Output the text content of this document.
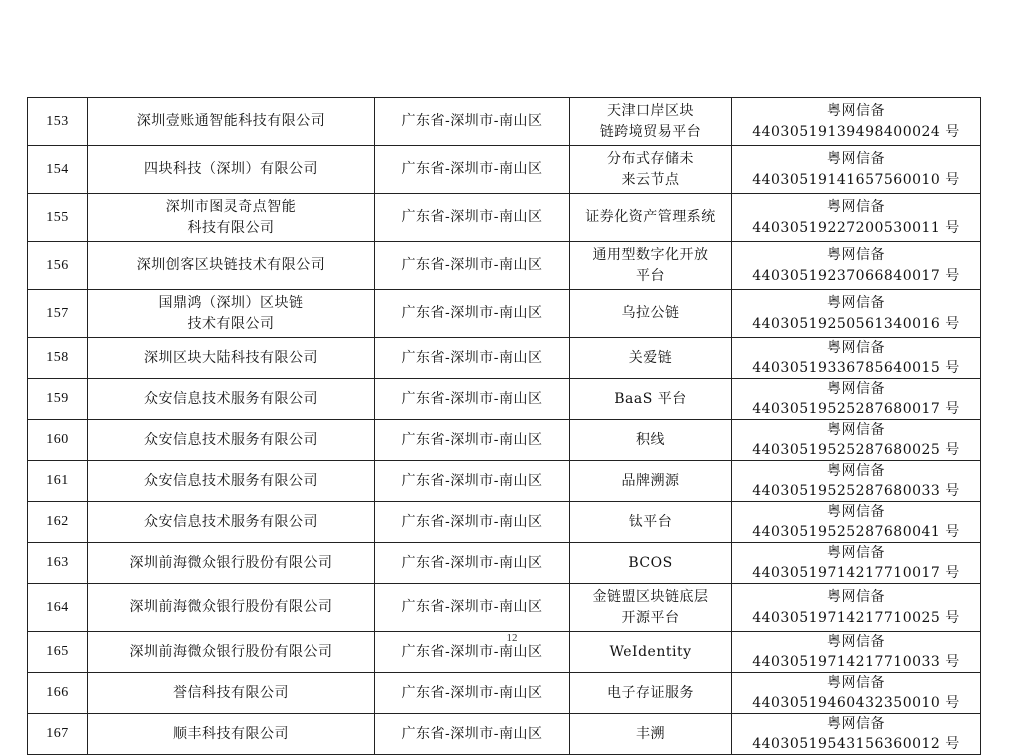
153	深圳壹账通智能科技有限公司	广东省-深圳市-南山区	天津口岸区块
链跨境贸易平台	粤网信备 44030519139498400024 号
154	四块科技（深圳）有限公司	广东省-深圳市-南山区	分布式存储未
来云节点	粤网信备 44030519141657560010 号
155	深圳市图灵奇点智能
科技有限公司	广东省-深圳市-南山区	证券化资产管理系统	粤网信备 44030519227200530011 号
156	深圳创客区块链技术有限公司	广东省-深圳市-南山区	通用型数字化开放
平台	粤网信备 44030519237066840017 号
157	国鼎鸿（深圳）区块链
技术有限公司	广东省-深圳市-南山区	乌拉公链	粤网信备 44030519250561340016 号
158	深圳区块大陆科技有限公司	广东省-深圳市-南山区	关爱链	粤网信备 44030519336785640015 号
159	众安信息技术服务有限公司	广东省-深圳市-南山区	BaaS 平台	粤网信备 44030519525287680017 号
160	众安信息技术服务有限公司	广东省-深圳市-南山区	积线	粤网信备 44030519525287680025 号
161	众安信息技术服务有限公司	广东省-深圳市-南山区	品牌溯源	粤网信备 44030519525287680033 号
162	众安信息技术服务有限公司	广东省-深圳市-南山区	钛平台	粤网信备 44030519525287680041 号
163	深圳前海微众银行股份有限公司	广东省-深圳市-南山区	BCOS	粤网信备 44030519714217710017 号
164	深圳前海微众银行股份有限公司	广东省-深圳市-南山区	金链盟区块链底层
开源平台	粤网信备 44030519714217710025 号
165	深圳前海微众银行股份有限公司	广东省-深圳市-南山区	WeIdentity	粤网信备 44030519714217710033 号
166	誉信科技有限公司	广东省-深圳市-南山区	电子存证服务	粤网信备 44030519460432350010 号
167	顺丰科技有限公司	广东省-深圳市-南山区	丰溯	粤网信备 44030519543156360012 号
12
